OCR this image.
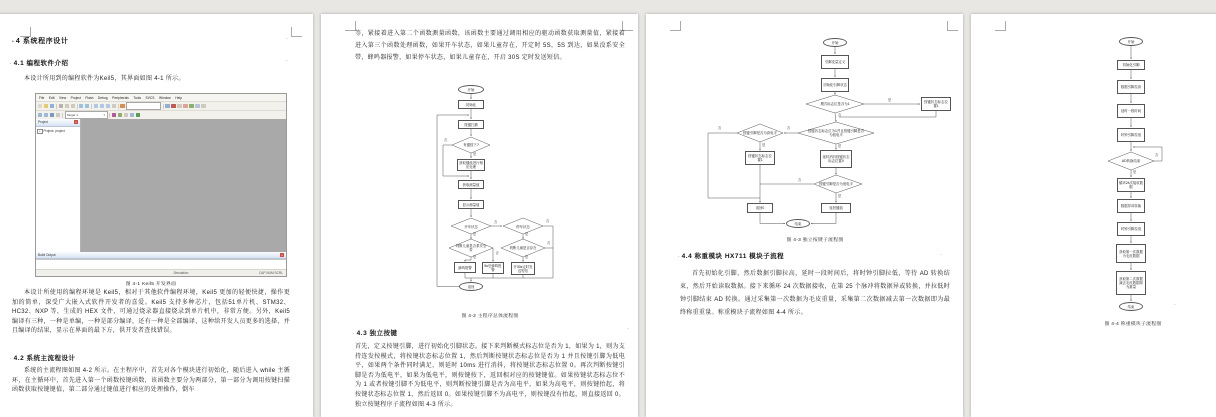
·
·
• 4 系统程序设计
· 4.1 编程软件介绍
本设计所用到的编程软件为Keil5，其界面如图 4-1 所示。
File Edit View Project Flash Debug Peripherals Tools SVCS Window Help
Target 1	▾
Project	x
+ Project: project
Build Output	x
Simulation	CAP NUM SCRL
图 4-1 Keil5 开发界面
本设计所使用的编程环境是 Keil5，相对于其他软件编程环境，Keil5 更加的轻便快捷，操作更加的简单，深受广大嵌入式软件开发者的喜爱。Keil5 支持多种芯片，包括51单片机、STM32、HC32、NXP 等，生成的 HEX 文件，可通过烧录器直接烧录到单片机中，非常方便。另外，Keil5 编译有三种，一种是单编，一种是部分编译，还有一种是全部编译，这种给开发人员更多的选择，并且编译的结果，显示在界面的最下方，供开发者查找错误。
· 4.2 系统主流程设计
系统的主流程图如图 4-2 所示。在主程序中，首先对各个模块进行初始化，随后进入 while 主循环，在主循环中，首先进入第一个函数按键函数，该函数主要分为两部分，第一部分为调用按键扫描函数获取按键键值，第二部分通过键值进行相应的处理操作，倒车
等，紧接着进入第二个函数测量函数，该函数主要通过调用相应的驱动函数获取测量值，紧接着进入第三个函数处理函数，如果开车状态，如果儿童存在，开定时 5S，5S 到达，如果没系安全带，蜂鸣器报警，如果停车状态，如果儿童存在，开启 30S 定时发送短信。
开始
初始化
按键扫描
有键按下?
获取键值进行相应处理
获取测量值
显示测量值
开车状态	停车状态
判断儿童是否系安全带	判断儿童是否存在
蜂鸣报警	5s后蜂鸣报警
开30s定时发送短信
返回
是
否
否
是	是
否
是
否
否
是
图 4-2 主程序总体流程图
·
· 4.3 独立按键
首先，定义按键引脚，进行初始化引脚状态。接下来判断模式标志位是否为 1，如果为 1，则为支持连发按模式，将按键状态标志位置 1，然后判断按键状态标志位是否为 1 并且按键引脚为低电平，如果两个条件同时满足，则延时 10ms 进行消抖，将按键状态标志位置 0。再次判断按键引脚是否为低电平，如果为低电平，则按键按下，返回相对应的按键键值。如果按键状态标志位不为 1 或者按键引脚不为低电平，则判断按键引脚是否为高电平，如果为高电平，则按键抬起，将按键状态标志位置 1，然后返回 0。如果按键引脚不为高电平，则按键没有抬起，则直接返回 0。独立按键程序子流程如图 4-3 所示。
开始
引脚变量定义
初始化引脚状态
模式标志位是否为1	按键状态标志位置1
按键状态标志位为1并且按键引脚是否为低电平
按键引脚是否为高电平
延时消抖按键状态标志位置0
按键状态标志位置1
按键引脚是否为低电平
返回0	返回键值
结束
是
否
否
是
是
否
是
否
图 4-3 独立按键子流程图
·
· 4.4 称重模块 HX711 模块子流程
首先初始化引脚，然后数据引脚拉高，延时一段时间后，将时钟引脚拉低，等待 AD 转换结束，然后开始读取数据。接下来循环 24 次数据接收，在第 25 个脉冲将数据异或转换，并拉低时钟引脚结束 AD 转换。通过采集第一次数据为毛皮重量，采集第二次数据减去第一次数据即为最终称重重量。称重模块子流程如图 4-4 所示。
开始
初始化引脚
数据引脚拉高
延时一段时间
时钟引脚拉低
AD转换结束
循环24次接收数据
数据异或转换
时钟引脚拉低
获取第一次数据为毛皮数据
获取第二次数据减去毛皮数据即为重量
结束
否
是
·
图 4-4 称重模块子流程图
